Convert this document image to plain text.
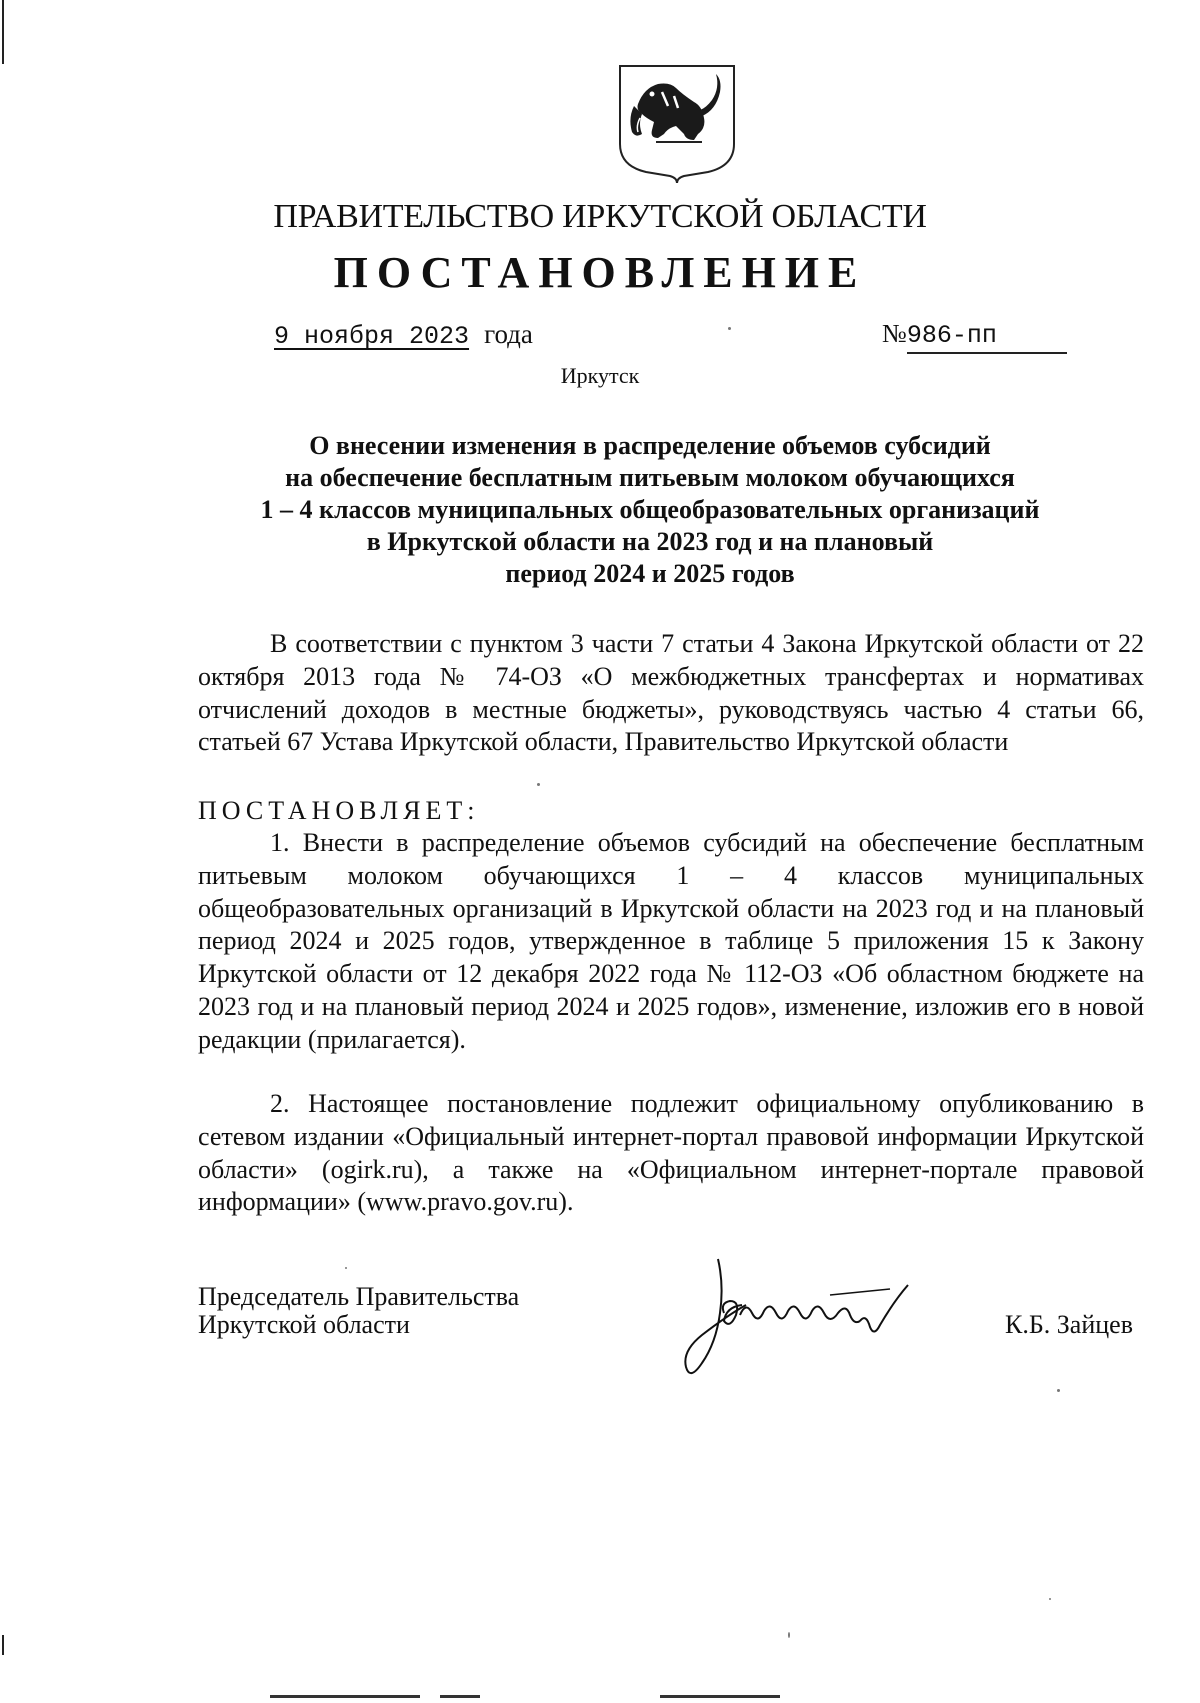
ПРАВИТЕЛЬСТВО ИРКУТСКОЙ ОБЛАСТИ
ПОСТАНОВЛЕНИЕ
9 ноября 2023 года	№986-пп
Иркутск
О внесении изменения в распределение объемов субсидий
на обеспечение бесплатным питьевым молоком обучающихся
1 – 4 классов муниципальных общеобразовательных организаций
в Иркутской области на 2023 год и на плановый
период 2024 и 2025 годов
В соответствии с пунктом 3 части 7 статьи 4 Закона Иркутской области от 22 октября 2013 года № 74-ОЗ «О межбюджетных трансфертах и нормативах отчислений доходов в местные бюджеты», руководствуясь частью 4 статьи 66, статьей 67 Устава Иркутской области, Правительство Иркутской области
ПОСТАНОВЛЯЕТ:
1. Внести в распределение объемов субсидий на обеспечение бесплатным питьевым молоком обучающихся 1 – 4 классов муниципальных общеобразовательных организаций в Иркутской области на 2023 год и на плановый период 2024 и 2025 годов, утвержденное в таблице 5 приложения 15 к Закону Иркутской области от 12 декабря 2022 года № 112-ОЗ «Об областном бюджете на 2023 год и на плановый период 2024 и 2025 годов», изменение, изложив его в новой редакции (прилагается).
2. Настоящее постановление подлежит официальному опубликованию в сетевом издании «Официальный интернет-портал правовой информации Иркутской области» (ogirk.ru), а также на «Официальном интернет-портале правовой информации» (www.pravo.gov.ru).
Председатель Правительства
Иркутской области	К.Б. Зайцев
